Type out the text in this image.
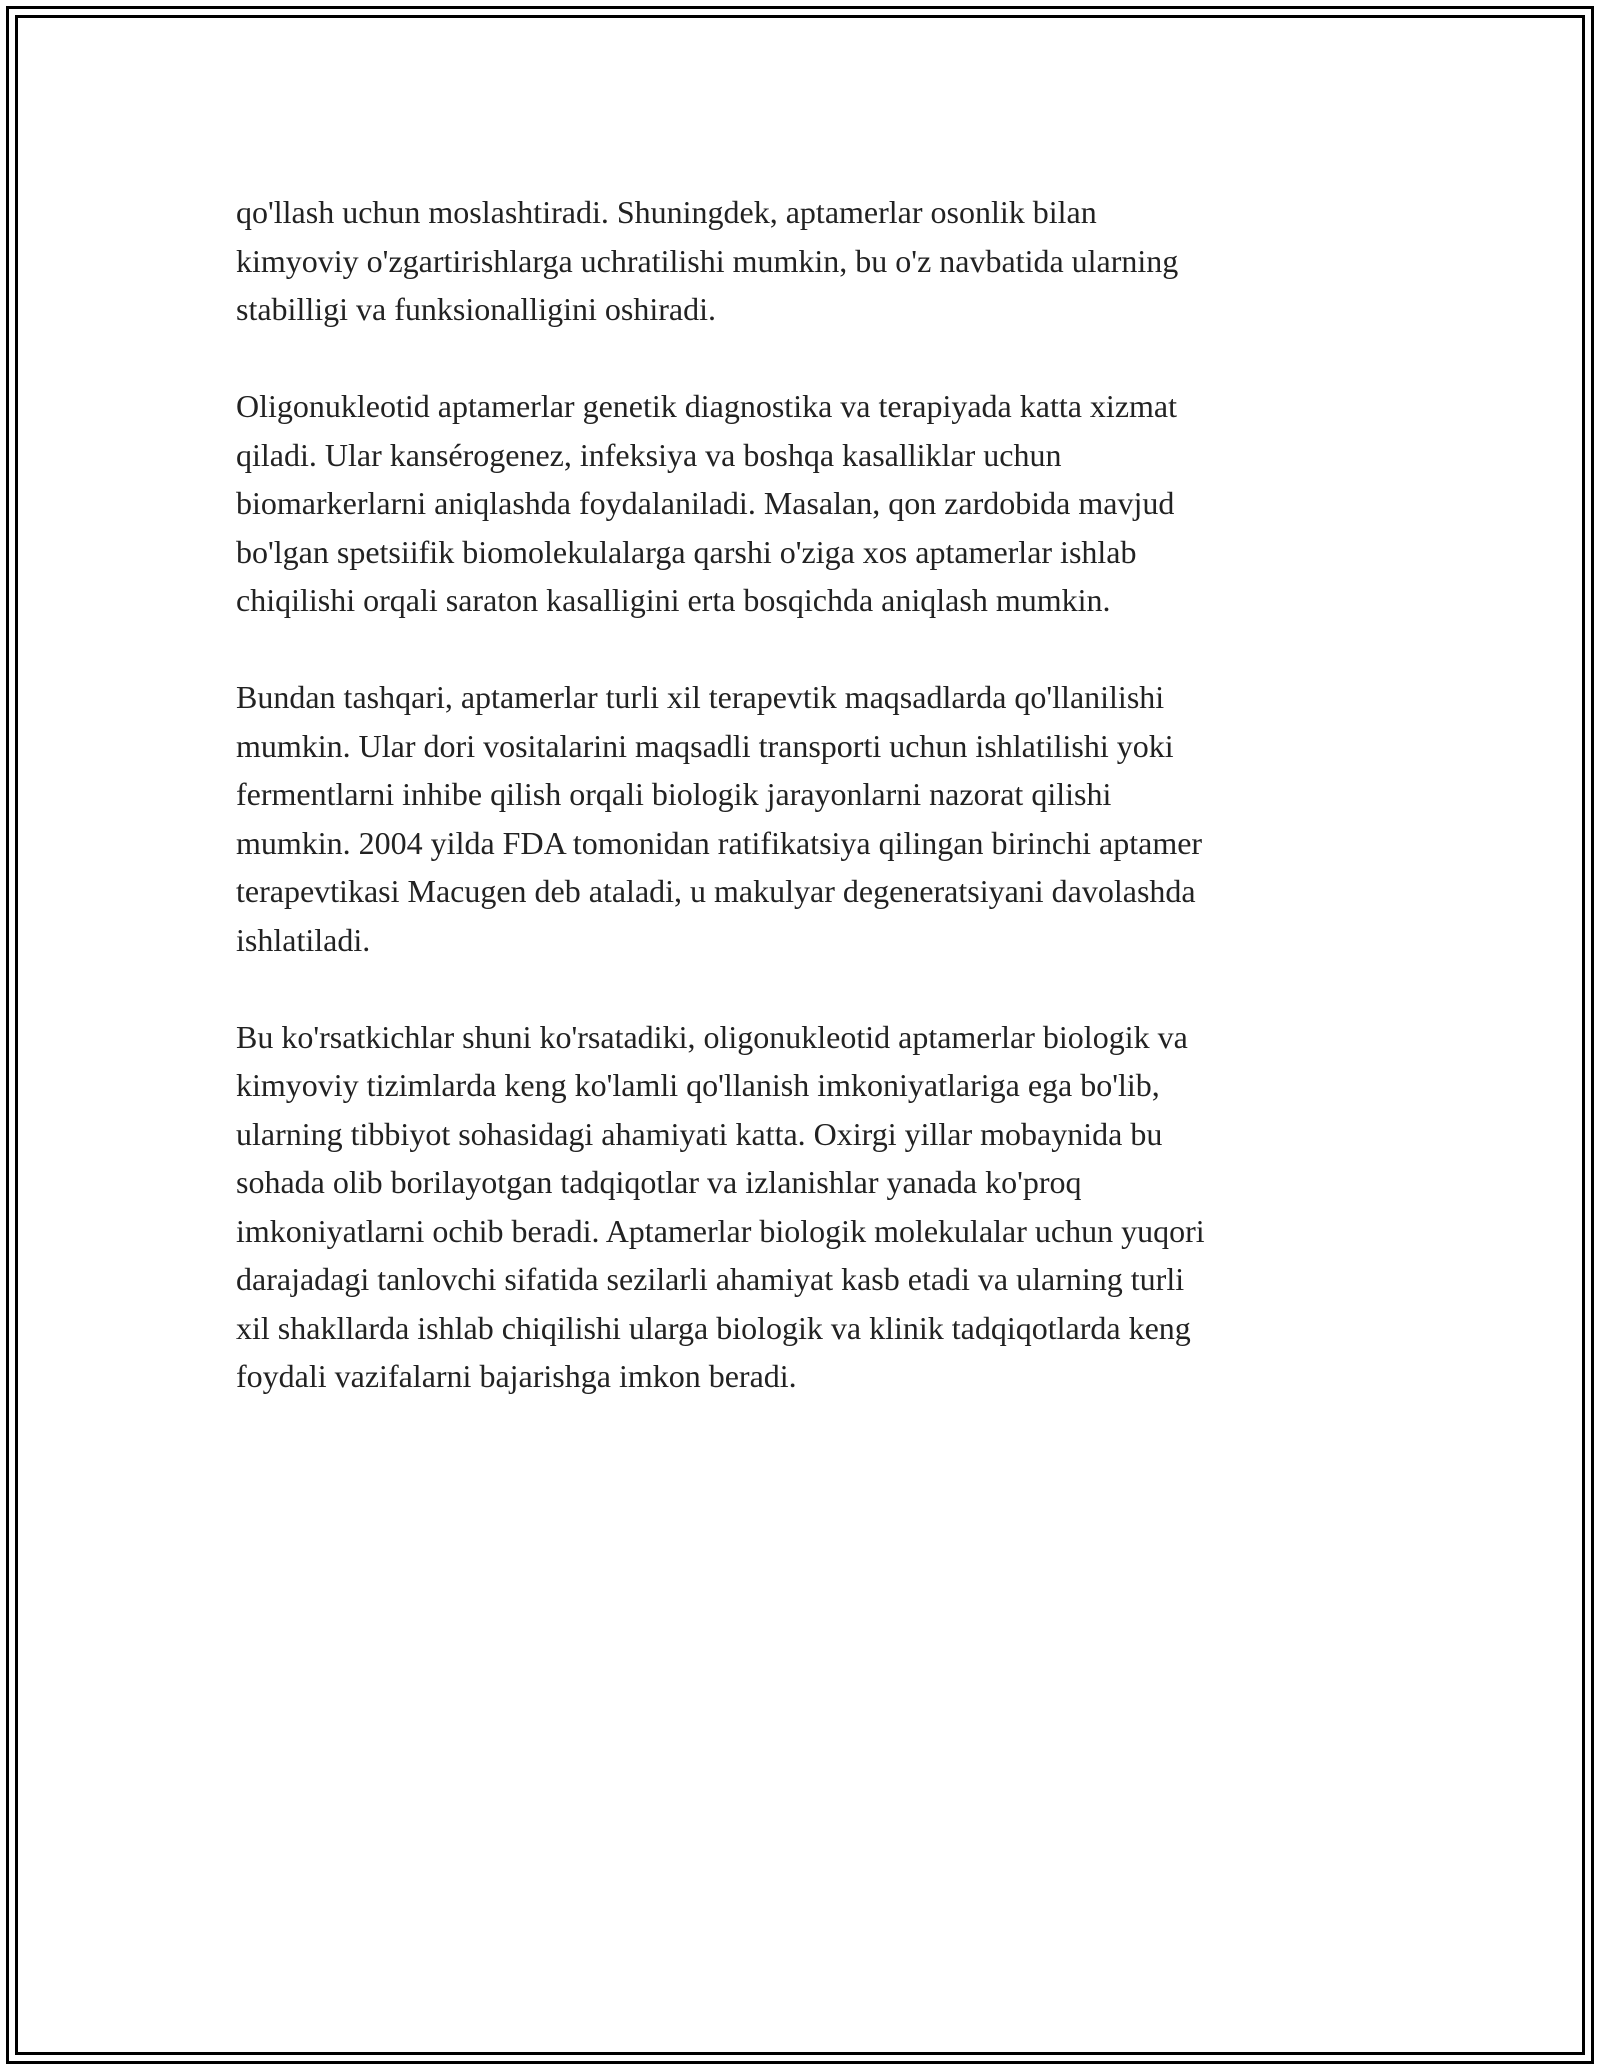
qo'llash uchun moslashtiradi. Shuningdek, aptamerlar osonlik bilan
kimyoviy o'zgartirishlarga uchratilishi mumkin, bu o'z navbatida ularning
stabilligi va funksionalligini oshiradi.

Oligonukleotid aptamerlar genetik diagnostika va terapiyada katta xizmat
qiladi. Ular kansérogenez, infeksiya va boshqa kasalliklar uchun
biomarkerlarni aniqlashda foydalaniladi. Masalan, qon zardobida mavjud
bo'lgan spetsiifik biomolekulalarga qarshi o'ziga xos aptamerlar ishlab
chiqilishi orqali saraton kasalligini erta bosqichda aniqlash mumkin.

Bundan tashqari, aptamerlar turli xil terapevtik maqsadlarda qo'llanilishi
mumkin. Ular dori vositalarini maqsadli transporti uchun ishlatilishi yoki
fermentlarni inhibe qilish orqali biologik jarayonlarni nazorat qilishi
mumkin. 2004 yilda FDA tomonidan ratifikatsiya qilingan birinchi aptamer
terapevtikasi Macugen deb ataladi, u makulyar degeneratsiyani davolashda
ishlatiladi.

Bu ko'rsatkichlar shuni ko'rsatadiki, oligonukleotid aptamerlar biologik va
kimyoviy tizimlarda keng ko'lamli qo'llanish imkoniyatlariga ega bo'lib,
ularning tibbiyot sohasidagi ahamiyati katta. Oxirgi yillar mobaynida bu
sohada olib borilayotgan tadqiqotlar va izlanishlar yanada ko'proq
imkoniyatlarni ochib beradi. Aptamerlar biologik molekulalar uchun yuqori
darajadagi tanlovchi sifatida sezilarli ahamiyat kasb etadi va ularning turli
xil shakllarda ishlab chiqilishi ularga biologik va klinik tadqiqotlarda keng
foydali vazifalarni bajarishga imkon beradi.
